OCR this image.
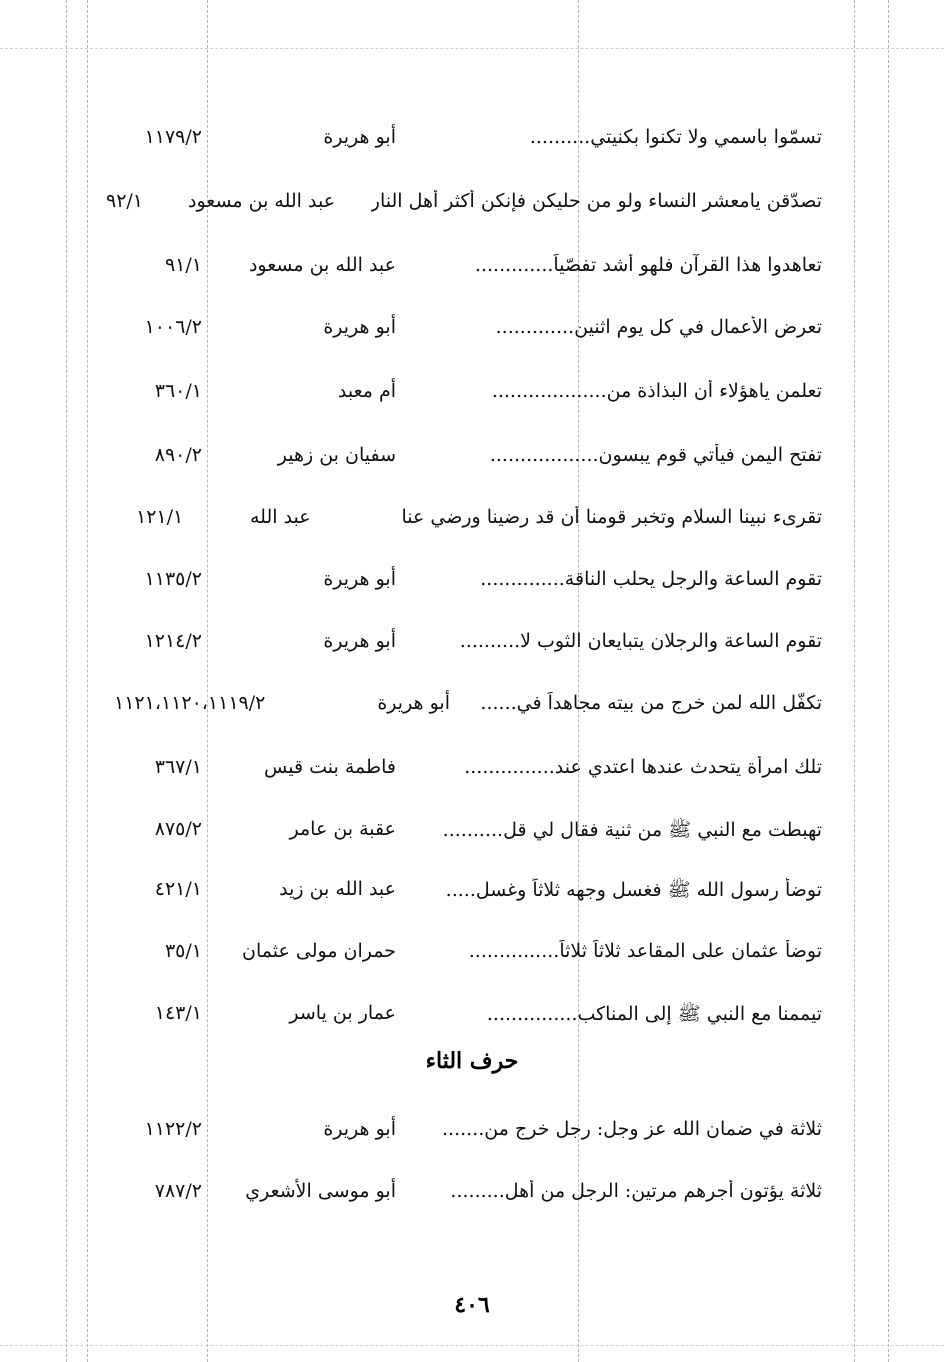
تسمّوا باسمي ولا تكنوا بكنيتي..........
أبو هريرة
١١٧٩/٢
تصدّقن يامعشر النساء ولو من حليكن فإنكن أكثر أهل النار
عبد الله بن مسعود
٩٢/١
تعاهدوا هذا القرآن فلهو أشد تفصّياً.............
عبد الله بن مسعود
٩١/١
تعرض الأعمال في كل يوم اثنين.............
أبو هريرة
١٠٠٦/٢
تعلمن ياهؤلاء أن البذاذة من...................
أم معبد
٣٦٠/١
تفتح اليمن فيأتي قوم يبسون..................
سفيان بن زهير
٨٩٠/٢
تقرىء نبينا السلام وتخبر قومنا أن قد رضينا ورضي عنا
عبد الله
١٢١/١
تقوم الساعة والرجل يحلب الناقة..............
أبو هريرة
١١٣٥/٢
تقوم الساعة والرجلان يتبايعان الثوب لا..........
أبو هريرة
١٢١٤/٢
تكفّل الله لمن خرج من بيته مجاهداً في......
أبو هريرة
١١٢١،١١٢٠،١١١٩/٢
تلك امرأة يتحدث عندها اعتدي عند...............
فاطمة بنت قيس
٣٦٧/١
تهبطت مع النبي ﷺ من ثنية فقال لي قل..........
عقبة بن عامر
٨٧٥/٢
توضأ رسول الله ﷺ فغسل وجهه ثلاثاً وغسل.....
عبد الله بن زيد
٤٢١/١
توضأ عثمان على المقاعد ثلاثاً ثلاثاً...............
حمران مولى عثمان
٣٥/١
تيممنا مع النبي ﷺ إلى المناكب...............
عمار بن ياسر
١٤٣/١
حرف الثاء
ثلاثة في ضمان الله عز وجل: رجل خرج من.......
أبو هريرة
١١٢٢/٢
ثلاثة يؤتون أجرهم مرتين: الرجل من أهل.........
أبو موسى الأشعري
٧٨٧/٢
٤٠٦
